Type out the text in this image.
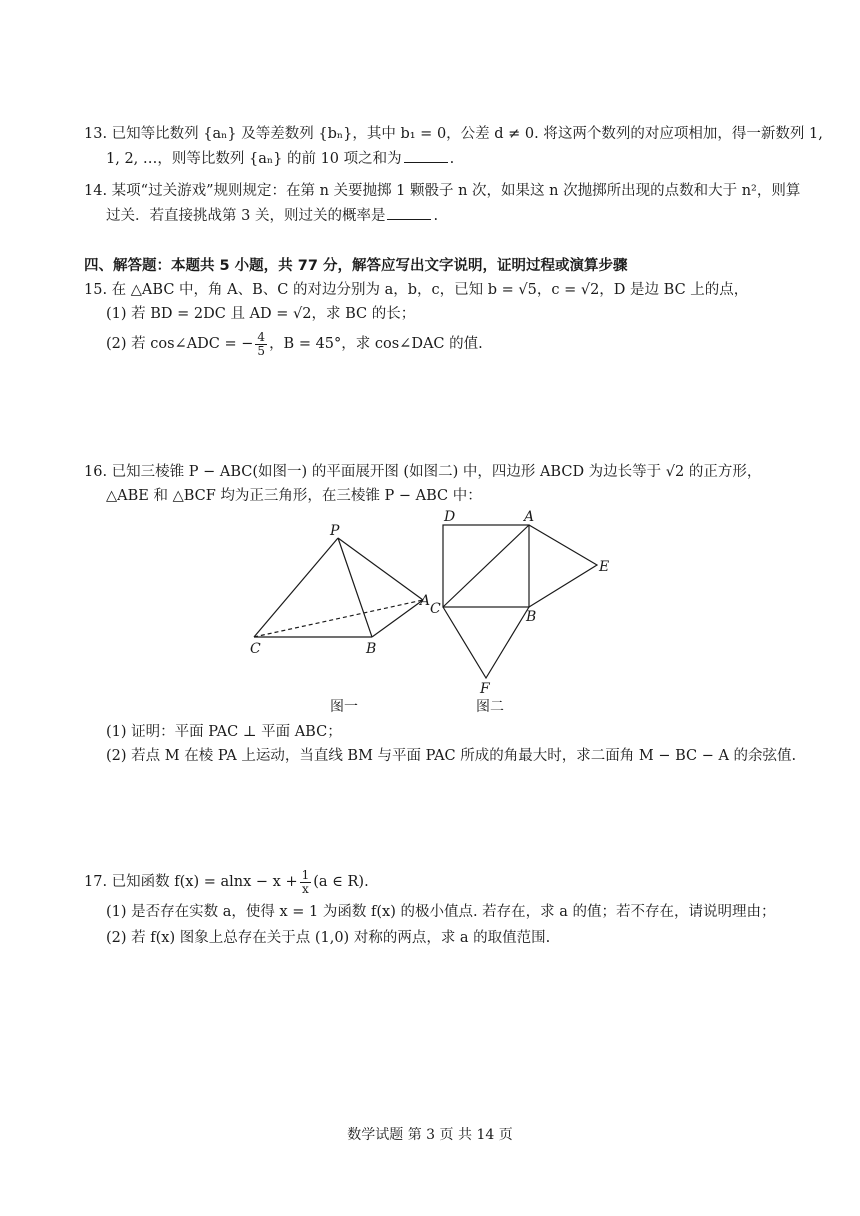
13. 已知等比数列 {aₙ} 及等差数列 {bₙ}，其中 b₁ = 0，公差 d ≠ 0. 将这两个数列的对应项相加，得一新数列 1,
1, 2, …，则等比数列 {aₙ} 的前 10 项之和为	.
14. 某项“过关游戏”规则规定：在第 n 关要抛掷 1 颗骰子 n 次，如果这 n 次抛掷所出现的点数和大于 n²，则算
过关．若直接挑战第 3 关，则过关的概率是	.
四、解答题：本题共 5 小题，共 77 分，解答应写出文字说明，证明过程或演算步骤
15. 在 △ABC 中，角 A、B、C 的对边分别为 a，b，c，已知 b = √5，c = √2，D 是边 BC 上的点，
(1) 若 BD = 2DC 且 AD = √2，求 BC 的长；
(2) 若 cos∠ADC = − $\frac{4}{5}$ ，B = 45°，求 cos∠DAC 的值.
16. 已知三棱锥 P − ABC(如图一) 的平面展开图 (如图二) 中，四边形 ABCD 为边长等于 √2 的正方形，
△ABE 和 △BCF 均为正三角形，在三棱锥 P − ABC 中：
P
A
C	B
图一
D	A
C	B
E
F
图二
(1) 证明：平面 PAC ⊥ 平面 ABC；
(2) 若点 M 在棱 PA 上运动，当直线 BM 与平面 PAC 所成的角最大时，求二面角 M − BC − A 的余弦值.
17. 已知函数 $f(x) = alnx - x + \frac{1}{x} (a$ ∈ R).
(1) 是否存在实数 a，使得 x = 1 为函数 f(x) 的极小值点. 若存在，求 a 的值；若不存在，请说明理由；
(2) 若 f(x) 图象上总存在关于点 (1,0) 对称的两点，求 a 的取值范围.
数学试题 第 3 页 共 14 页
